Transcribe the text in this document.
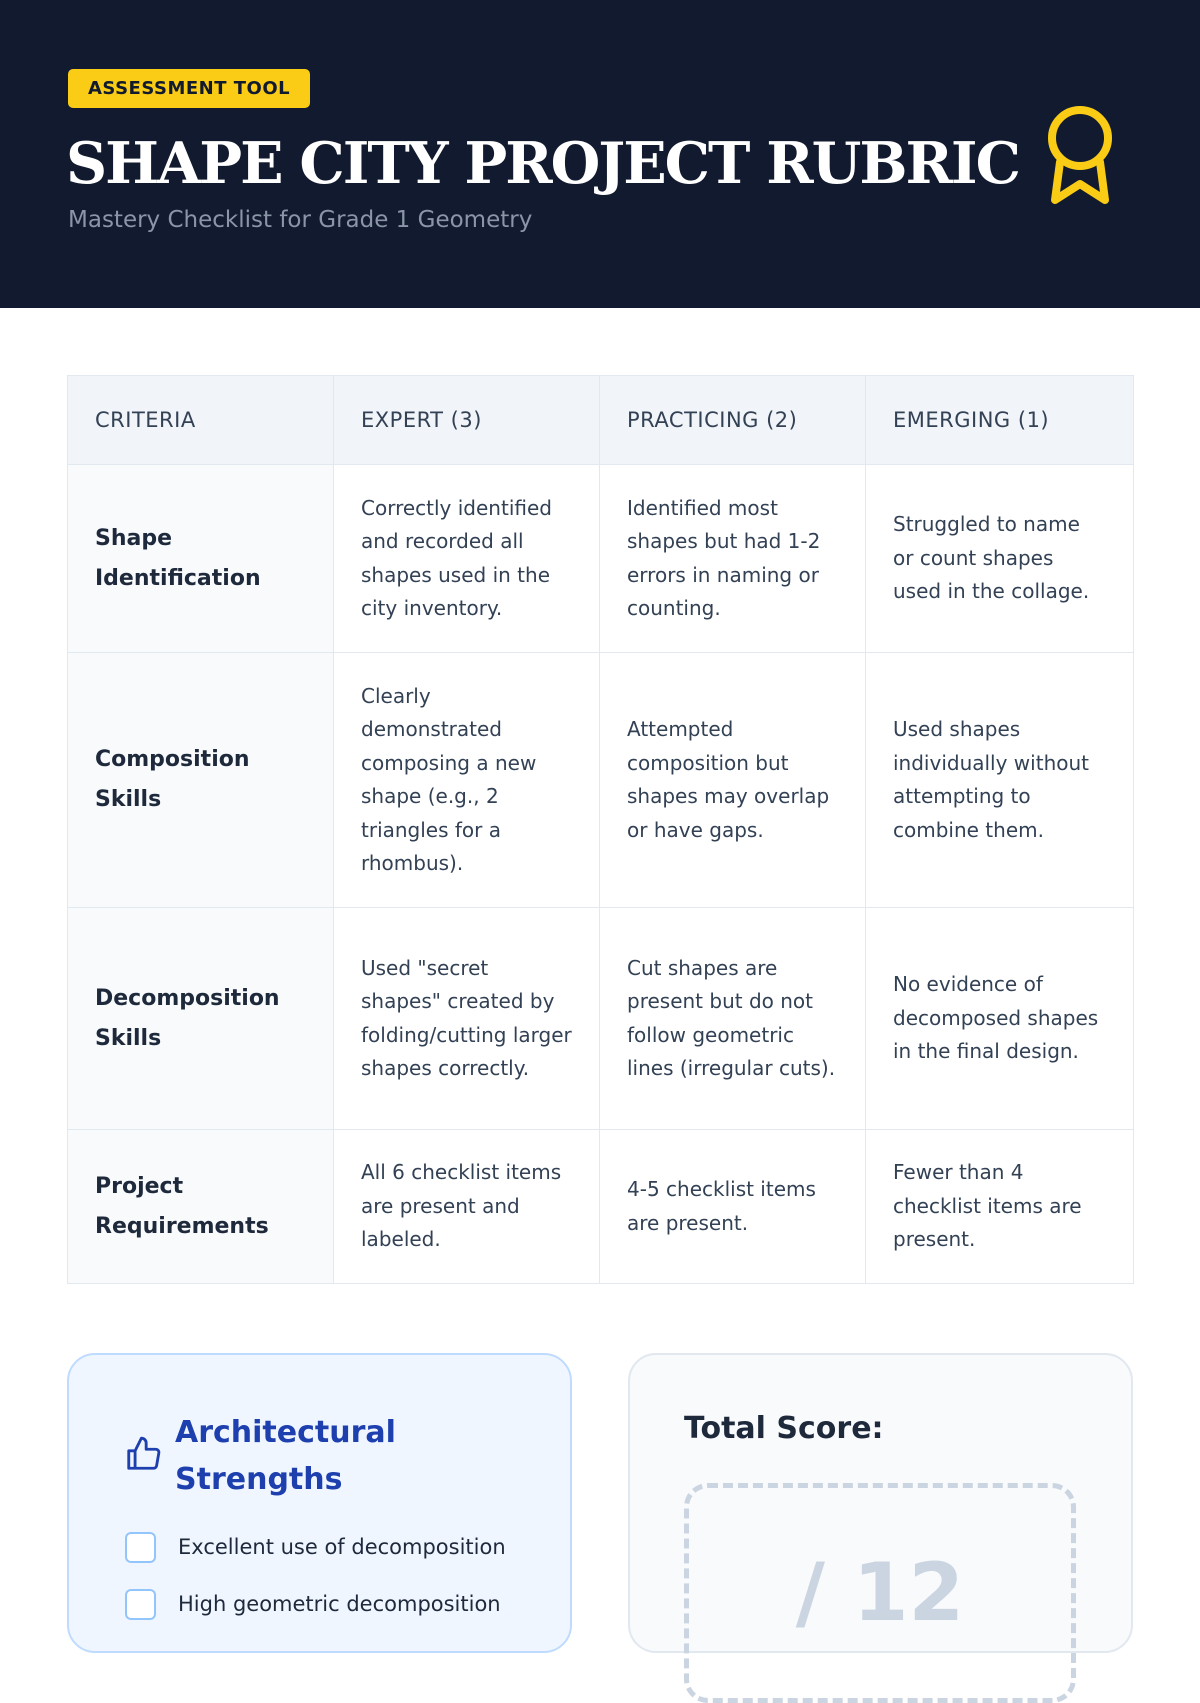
ASSESSMENT TOOL
SHAPE CITY PROJECT RUBRIC
Mastery Checklist for Grade 1 Geometry
CRITERIA	EXPERT (3)	PRACTICING (2)	EMERGING (1)
Shape Identification	Correctly identified and recorded all shapes used in the city inventory.	Identified most shapes but had 1-2 errors in naming or counting.	Struggled to name or count shapes used in the collage.
Composition Skills	Clearly demonstrated composing a new shape (e.g., 2 triangles for a rhombus).	Attempted composition but shapes may overlap or have gaps.	Used shapes individually without attempting to combine them.
Decomposition Skills	Used "secret shapes" created by folding/cutting larger shapes correctly.	Cut shapes are present but do not follow geometric lines (irregular cuts).	No evidence of decomposed shapes in the final design.
Project Requirements	All 6 checklist items are present and labeled.	4-5 checklist items are present.	Fewer than 4 checklist items are present.
Architectural Strengths
Excellent use of decomposition
High geometric decomposition
Total Score:
/ 12
